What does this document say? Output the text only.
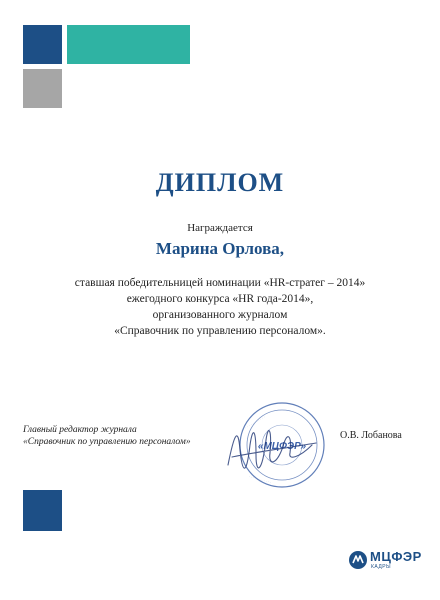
ДИПЛОМ
Награждается
Марина Орлова,
ставшая победительницей номинации «HR-стратег – 2014»
ежегодного конкурса «HR года-2014»,
организованного журналом
«Справочник по управлению персоналом».
Главный редактор журнала
«Справочник по управлению персоналом»
· · · · · · · · · · · · ·
· · · · · · · · · · ·
«МЦФЭР»
О.В. Лобанова
МЦФЭР
КАДРЫ
